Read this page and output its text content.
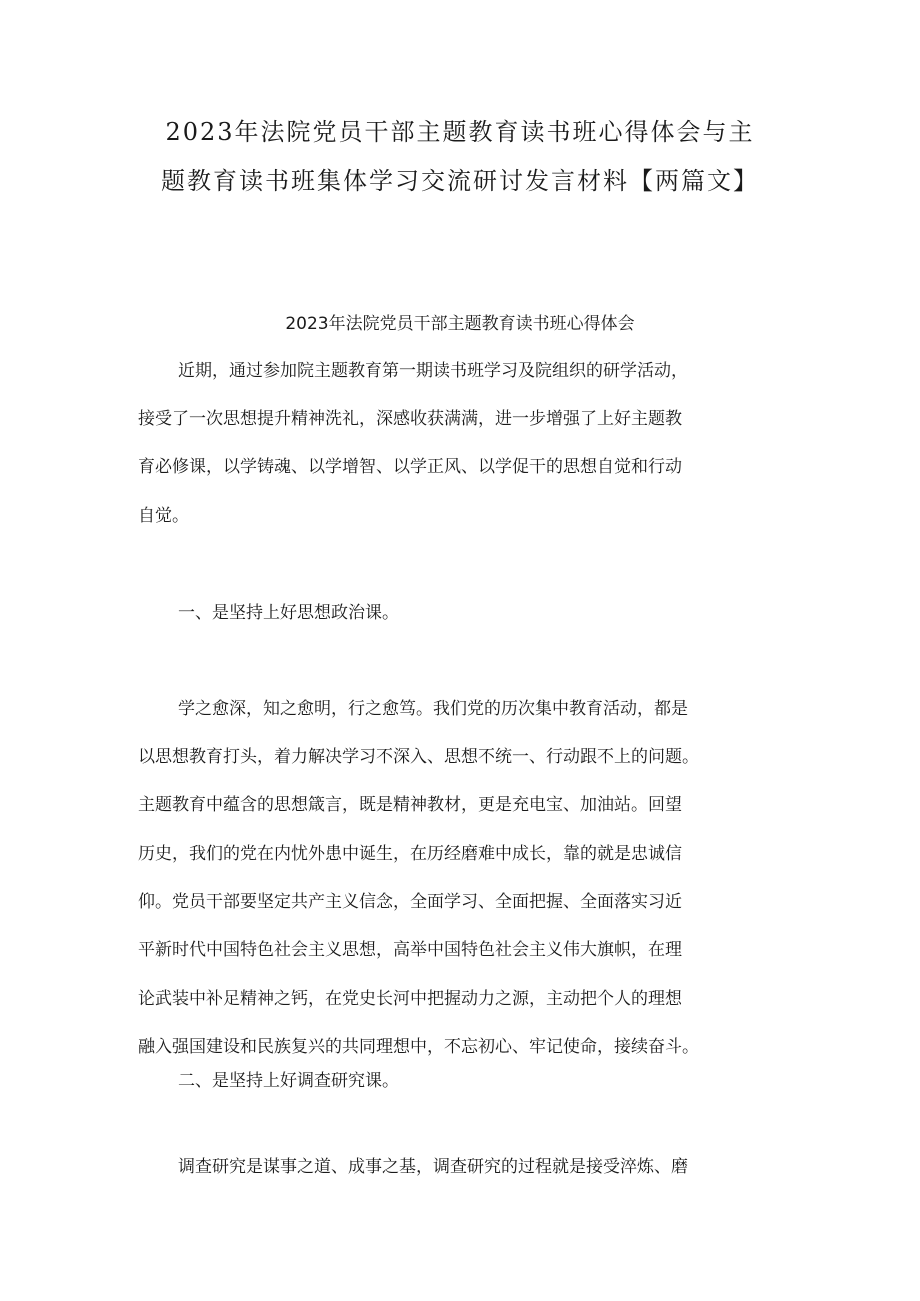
2023年法院党员干部主题教育读书班心得体会与主
题教育读书班集体学习交流研讨发言材料【两篇文】
2023年法院党员干部主题教育读书班心得体会
近期，通过参加院主题教育第一期读书班学习及院组织的研学活动，
接受了一次思想提升精神洗礼，深感收获满满，进一步增强了上好主题教
育必修课，以学铸魂、以学增智、以学正风、以学促干的思想自觉和行动
自觉。
一、是坚持上好思想政治课。
学之愈深，知之愈明，行之愈笃。我们党的历次集中教育活动，都是
以思想教育打头，着力解决学习不深入、思想不统一、行动跟不上的问题。
主题教育中蕴含的思想箴言，既是精神教材，更是充电宝、加油站。回望
历史，我们的党在内忧外患中诞生，在历经磨难中成长，靠的就是忠诚信
仰。党员干部要坚定共产主义信念，全面学习、全面把握、全面落实习近
平新时代中国特色社会主义思想，高举中国特色社会主义伟大旗帜，在理
论武装中补足精神之钙，在党史长河中把握动力之源，主动把个人的理想
融入强国建设和民族复兴的共同理想中，不忘初心、牢记使命，接续奋斗。
二、是坚持上好调查研究课。
调查研究是谋事之道、成事之基，调查研究的过程就是接受淬炼、磨
